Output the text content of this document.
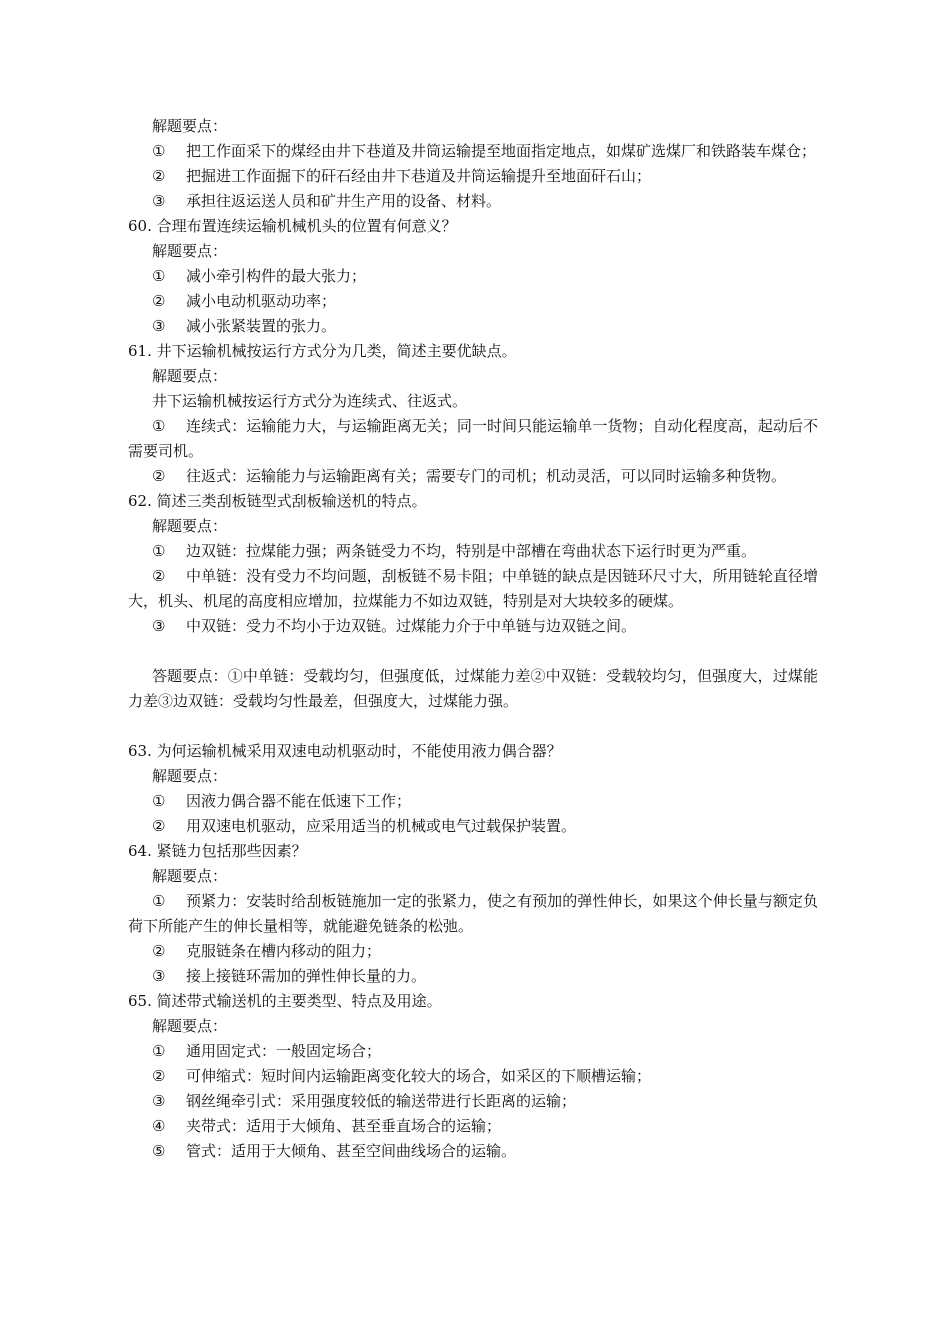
解题要点：
① 把工作面采下的煤经由井下巷道及井筒运输提至地面指定地点，如煤矿选煤厂和铁路装车煤仓；
② 把掘进工作面掘下的矸石经由井下巷道及井筒运输提升至地面矸石山；
③ 承担往返运送人员和矿井生产用的设备、材料。
60. 合理布置连续运输机械机头的位置有何意义？
解题要点：
① 减小牵引构件的最大张力；
② 减小电动机驱动功率；
③ 减小张紧装置的张力。
61. 井下运输机械按运行方式分为几类，简述主要优缺点。
解题要点：
井下运输机械按运行方式分为连续式、往返式。
① 连续式：运输能力大，与运输距离无关；同一时间只能运输单一货物；自动化程度高，起动后不需要司机。
② 往返式：运输能力与运输距离有关；需要专门的司机；机动灵活，可以同时运输多种货物。
62. 简述三类刮板链型式刮板输送机的特点。
解题要点：
① 边双链：拉煤能力强；两条链受力不均，特别是中部槽在弯曲状态下运行时更为严重。
② 中单链：没有受力不均问题，刮板链不易卡阻；中单链的缺点是因链环尺寸大，所用链轮直径增大，机头、机尾的高度相应增加，拉煤能力不如边双链，特别是对大块较多的硬煤。
③ 中双链：受力不均小于边双链。过煤能力介于中单链与边双链之间。
答题要点：①中单链：受载均匀，但强度低，过煤能力差②中双链：受载较均匀，但强度大，过煤能力差③边双链：受载均匀性最差，但强度大，过煤能力强。
63. 为何运输机械采用双速电动机驱动时，不能使用液力偶合器？
解题要点：
① 因液力偶合器不能在低速下工作；
② 用双速电机驱动，应采用适当的机械或电气过载保护装置。
64. 紧链力包括那些因素？
解题要点：
① 预紧力：安装时给刮板链施加一定的张紧力，使之有预加的弹性伸长，如果这个伸长量与额定负荷下所能产生的伸长量相等，就能避免链条的松弛。
② 克服链条在槽内移动的阻力；
③ 接上接链环需加的弹性伸长量的力。
65. 简述带式输送机的主要类型、特点及用途。
解题要点：
① 通用固定式：一般固定场合；
② 可伸缩式：短时间内运输距离变化较大的场合，如采区的下顺槽运输；
③ 钢丝绳牵引式：采用强度较低的输送带进行长距离的运输；
④ 夹带式：适用于大倾角、甚至垂直场合的运输；
⑤ 管式：适用于大倾角、甚至空间曲线场合的运输。
